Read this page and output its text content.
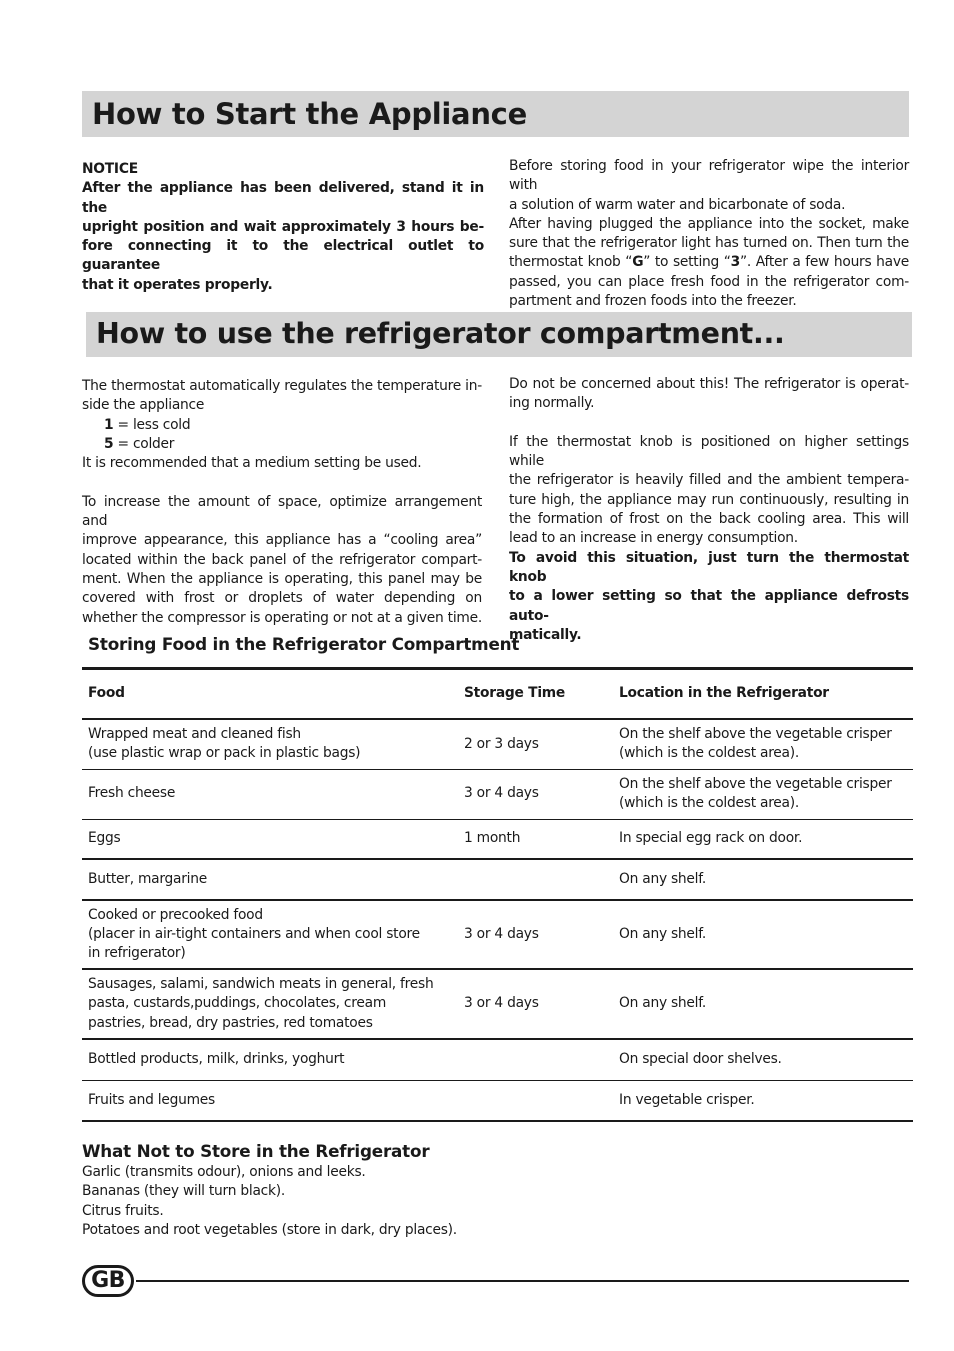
How to Start the Appliance

NOTICE

After the appliance has been delivered, stand it in the

upright position and wait approximately 3 hours be-

fore connecting it to the electrical outlet to guarantee

that it operates properly.

Before storing food in your refrigerator wipe the interior with

a solution of warm water and bicarbonate of soda.

After having plugged the appliance into the socket, make

sure that the refrigerator light has turned on. Then turn the

thermostat knob “G” to setting “3”. After a few hours have

passed, you can place fresh food in the refrigerator com-

partment and frozen foods into the freezer.

How to use the refrigerator compartment...

The thermostat automatically regulates the temperature in-

side the appliance

1 = less cold

5 = colder

It is recommended that a medium setting be used.

To increase the amount of space, optimize arrangement and

improve appearance, this appliance has a “cooling area”

located within the back panel of the refrigerator compart-

ment. When the appliance is operating, this panel may be

covered with frost or droplets of water depending on

whether the compressor is operating or not at a given time.

Do not be concerned about this! The refrigerator is operat-

ing normally.

If the thermostat knob is positioned on higher settings while

the refrigerator is heavily filled and the ambient tempera-

ture high, the appliance may run continuously, resulting in

the formation of frost on the back cooling area. This will

lead to an increase in energy consumption.

To avoid this situation, just turn the thermostat knob

to a lower setting so that the appliance defrosts auto-

matically.

Storing Food in the Refrigerator Compartment
Food	Storage Time	Location in the Refrigerator

Wrapped meat and cleaned fish
(use plastic wrap or pack in plastic bags)	2 or 3 days	On the shelf above the vegetable crisper
(which is the coldest area).

Fresh cheese	3 or 4 days	On the shelf above the vegetable crisper
(which is the coldest area).

Eggs	1 month	In special egg rack on door.

Butter, margarine		On any shelf.

Cooked or precooked food
(placer in air-tight containers and when cool store
in refrigerator)	3 or 4 days	On any shelf.

Sausages, salami, sandwich meats in general, fresh
pasta, custards,puddings, chocolates, cream
pastries, bread, dry pastries, red tomatoes	3 or 4 days	On any shelf.

Bottled products, milk, drinks, yoghurt		On special door shelves.

Fruits and legumes		In vegetable crisper.
What Not to Store in the Refrigerator
Garlic (transmits odour), onions and leeks.
Bananas (they will turn black).
Citrus fruits.
Potatoes and root vegetables (store in dark, dry places).
GB
